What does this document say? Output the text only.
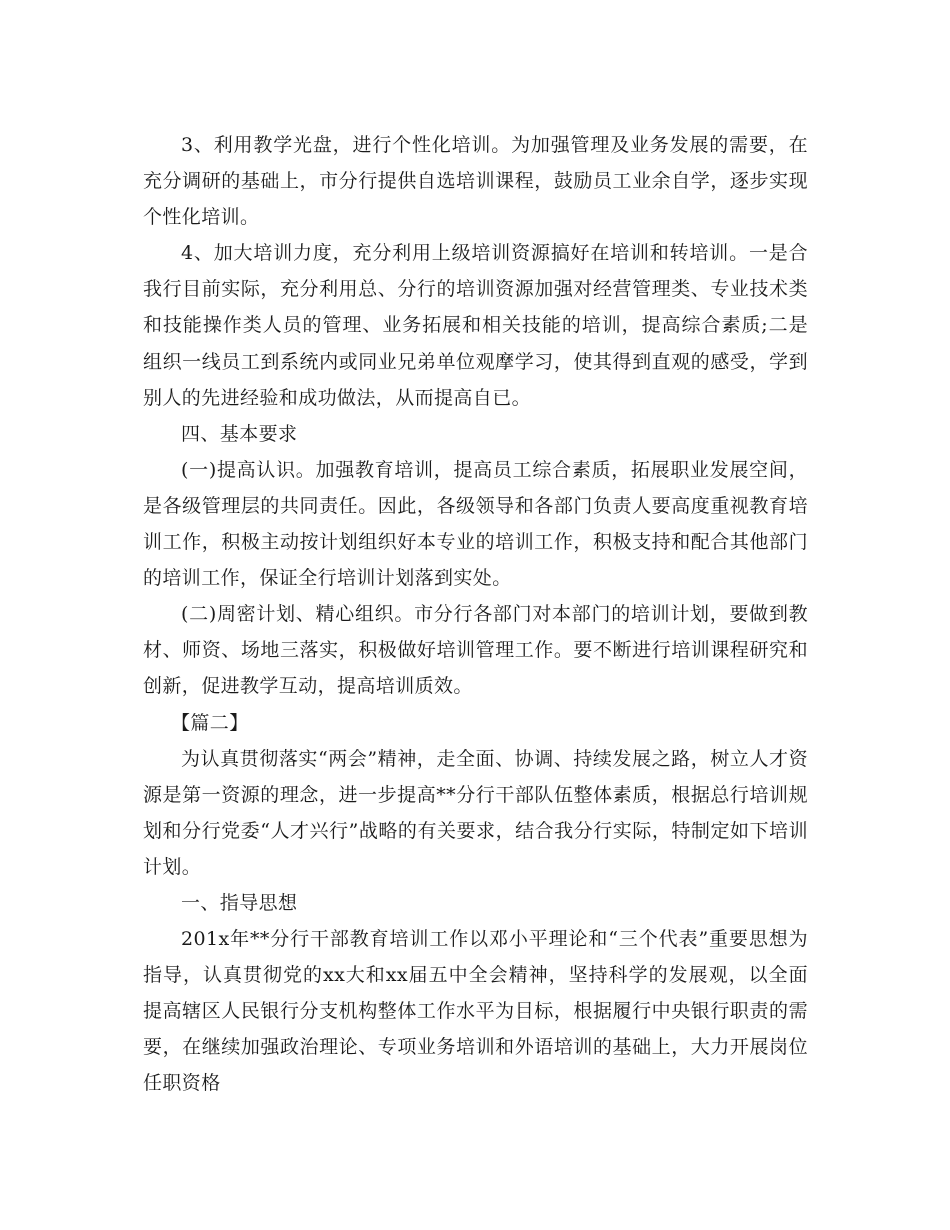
3、利用教学光盘，进行个性化培训。为加强管理及业务发展的需要，在充分调研的基础上，市分行提供自选培训课程，鼓励员工业余自学，逐步实现个性化培训。

4、加大培训力度，充分利用上级培训资源搞好在培训和转培训。一是合我行目前实际，充分利用总、分行的培训资源加强对经营管理类、专业技术类和技能操作类人员的管理、业务拓展和相关技能的培训，提高综合素质;二是组织一线员工到系统内或同业兄弟单位观摩学习，使其得到直观的感受，学到别人的先进经验和成功做法，从而提高自已。

四、基本要求

(一)提高认识。加强教育培训，提高员工综合素质，拓展职业发展空间，是各级管理层的共同责任。因此，各级领导和各部门负责人要高度重视教育培训工作，积极主动按计划组织好本专业的培训工作，积极支持和配合其他部门的培训工作，保证全行培训计划落到实处。

(二)周密计划、精心组织。市分行各部门对本部门的培训计划，要做到教材、师资、场地三落实，积极做好培训管理工作。要不断进行培训课程研究和创新，促进教学互动，提高培训质效。

【篇二】

为认真贯彻落实“两会”精神，走全面、协调、持续发展之路，树立人才资源是第一资源的理念，进一步提高**分行干部队伍整体素质，根据总行培训规划和分行党委“人才兴行”战略的有关要求，结合我分行实际，特制定如下培训计划。

一、指导思想

201x年**分行干部教育培训工作以邓小平理论和“三个代表”重要思想为指导，认真贯彻党的xx大和xx届五中全会精神，坚持科学的发展观，以全面提高辖区人民银行分支机构整体工作水平为目标，根据履行中央银行职责的需要，在继续加强政治理论、专项业务培训和外语培训的基础上，大力开展岗位任职资格
